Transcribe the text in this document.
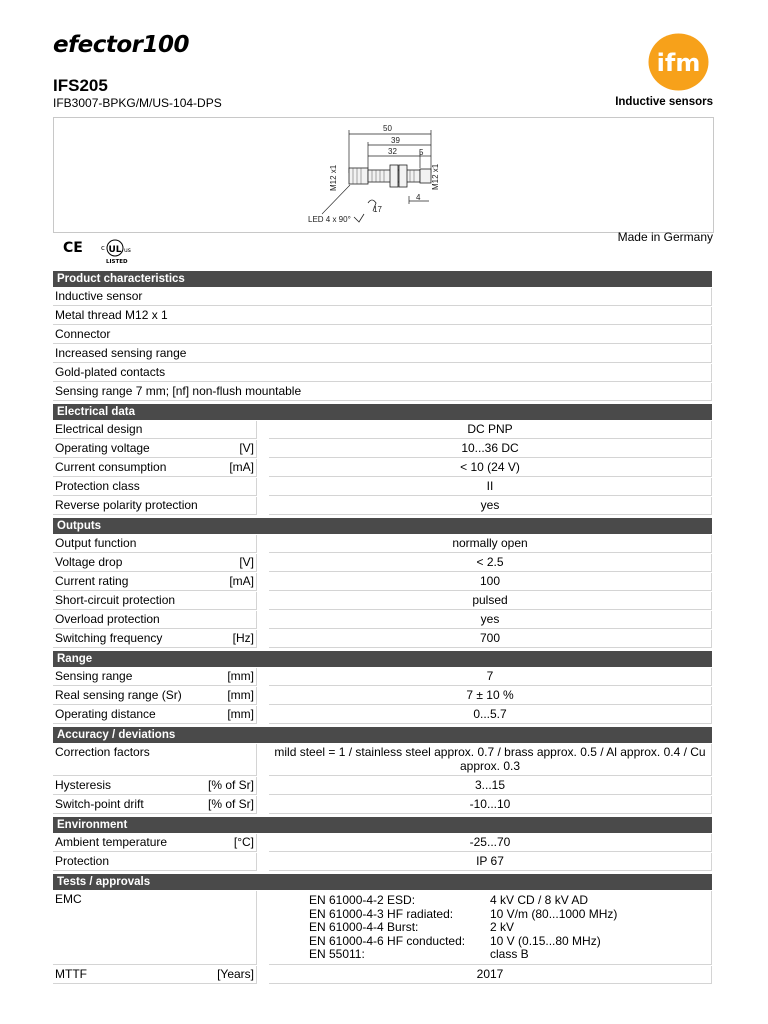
efector100
IFS205
IFB3007-BPKG/M/US-104-DPS	Inductive sensors
ifm
50
39
32	5
4
17
M12 x1	M12 x1
LED 4 x 90°
Made in Germany
CE	UL
c	us
LISTED
Product characteristics
Inductive sensor
Metal thread M12 x 1
Connector
Increased sensing range
Gold-plated contacts
Sensing range 7 mm; [nf] non-flush mountable
Electrical data
Electrical design	DC PNP
Operating voltage	[V]	10...36 DC
Current consumption	[mA]	< 10 (24 V)
Protection class	II
Reverse polarity protection	yes
Outputs
Output function	normally open
Voltage drop	[V]	< 2.5
Current rating	[mA]	100
Short-circuit protection	pulsed
Overload protection	yes
Switching frequency	[Hz]	700
Range
Sensing range	[mm]	7
Real sensing range (Sr)	[mm]	7 ± 10 %
Operating distance	[mm]	0...5.7
Accuracy / deviations
Correction factors	mild steel = 1 / stainless steel approx. 0.7 / brass approx. 0.5 / Al approx. 0.4 / Cu approx. 0.3
Hysteresis	[% of Sr]	3...15
Switch-point drift	[% of Sr]	-10...10
Environment
Ambient temperature	[°C]	-25...70
Protection	IP 67
Tests / approvals
EMC	EN 61000-4-2 ESD:	4 kV CD / 8 kV AD
EN 61000-4-3 HF radiated:	10 V/m (80...1000 MHz)
EN 61000-4-4 Burst:	2 kV
EN 61000-4-6 HF conducted:	10 V (0.15...80 MHz)
EN 55011:	class B
MTTF	[Years]	2017
